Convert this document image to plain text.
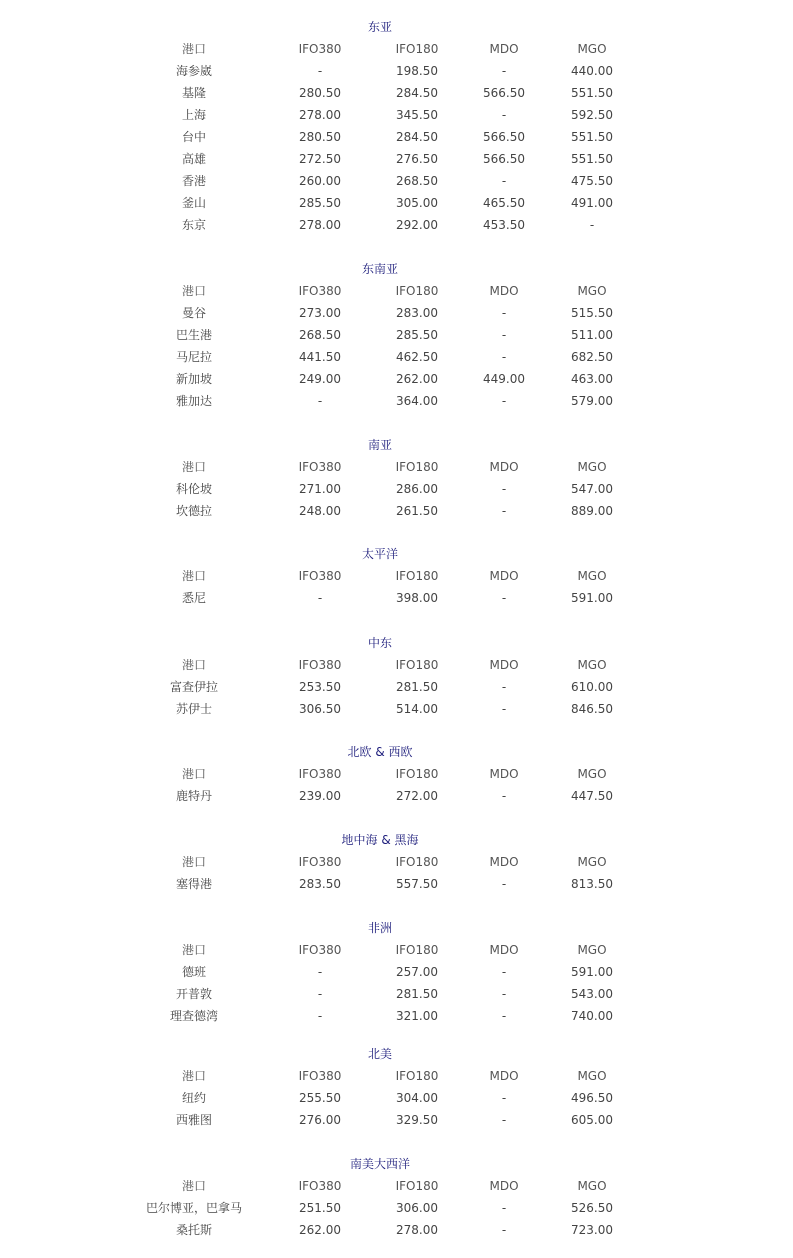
东亚
港口	IFO380	IFO180	MDO	MGO
海参崴	-	198.50	-	440.00
基隆	280.50	284.50	566.50	551.50
上海	278.00	345.50	-	592.50
台中	280.50	284.50	566.50	551.50
高雄	272.50	276.50	566.50	551.50
香港	260.00	268.50	-	475.50
釜山	285.50	305.00	465.50	491.00
东京	278.00	292.00	453.50	-
东南亚
港口	IFO380	IFO180	MDO	MGO
曼谷	273.00	283.00	-	515.50
巴生港	268.50	285.50	-	511.00
马尼拉	441.50	462.50	-	682.50
新加坡	249.00	262.00	449.00	463.00
雅加达	-	364.00	-	579.00
南亚
港口	IFO380	IFO180	MDO	MGO
科伦坡	271.00	286.00	-	547.00
坎德拉	248.00	261.50	-	889.00
太平洋
港口	IFO380	IFO180	MDO	MGO
悉尼	-	398.00	-	591.00
中东
港口	IFO380	IFO180	MDO	MGO
富查伊拉	253.50	281.50	-	610.00
苏伊士	306.50	514.00	-	846.50
北欧 & 西欧
港口	IFO380	IFO180	MDO	MGO
鹿特丹	239.00	272.00	-	447.50
地中海 & 黑海
港口	IFO380	IFO180	MDO	MGO
塞得港	283.50	557.50	-	813.50
非洲
港口	IFO380	IFO180	MDO	MGO
德班	-	257.00	-	591.00
开普敦	-	281.50	-	543.00
理查德湾	-	321.00	-	740.00
北美
港口	IFO380	IFO180	MDO	MGO
纽约	255.50	304.00	-	496.50
西雅图	276.00	329.50	-	605.00
南美大西洋
港口	IFO380	IFO180	MDO	MGO
巴尔博亚，巴拿马	251.50	306.00	-	526.50
桑托斯	262.00	278.00	-	723.00
